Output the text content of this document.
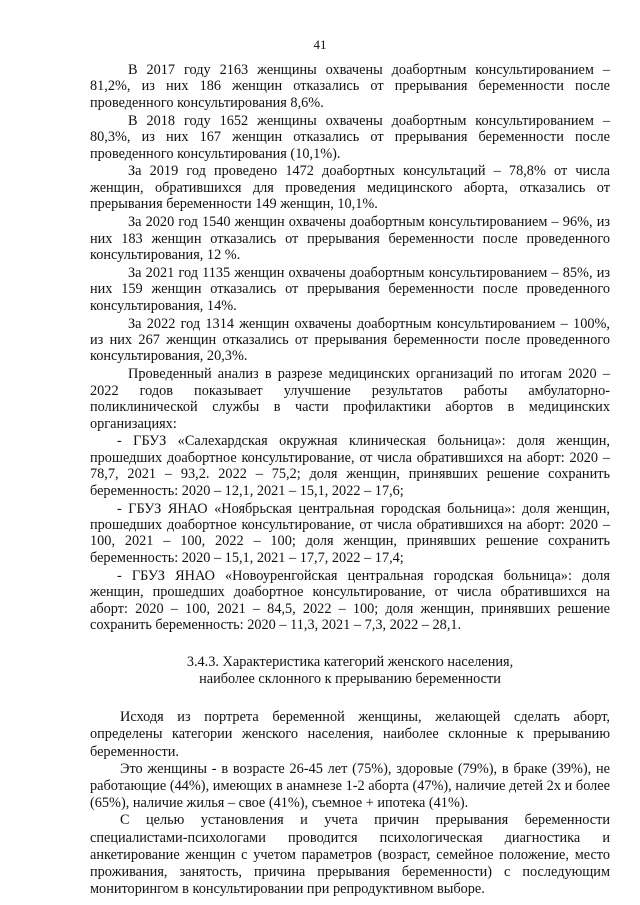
41

В 2017 году 2163 женщины охвачены доабортным консультированием – 81,2%, из них 186 женщин отказались от прерывания беременности после проведенного консультирования 8,6%.

В 2018 году 1652 женщины охвачены доабортным консультированием – 80,3%, из них 167 женщин отказались от прерывания беременности после проведенного консультирования (10,1%).

За 2019 год проведено 1472 доабортных консультаций – 78,8% от числа женщин, обратившихся для проведения медицинского аборта, отказались от прерывания беременности 149 женщин, 10,1%.

За 2020 год 1540 женщин охвачены доабортным консультированием – 96%, из них 183 женщин отказались от прерывания беременности после проведенного консультирования, 12 %.

За 2021 год 1135 женщин охвачены доабортным консультированием – 85%, из них 159 женщин отказались от прерывания беременности после проведенного консультирования, 14%.

За 2022 год 1314 женщин охвачены доабортным консультированием – 100%, из них 267 женщин отказались от прерывания беременности после проведенного консультирования, 20,3%.

Проведенный анализ в разрезе медицинских организаций по итогам 2020 – 2022 годов показывает улучшение результатов работы амбулаторно-поликлинической службы в части профилактики абортов в медицинских организациях:

- ГБУЗ «Салехардская окружная клиническая больница»: доля женщин, прошедших доабортное консультирование, от числа обратившихся на аборт: 2020 – 78,7, 2021 – 93,2. 2022 – 75,2; доля женщин, принявших решение сохранить беременность: 2020 – 12,1, 2021 – 15,1, 2022 – 17,6;

- ГБУЗ ЯНАО «Ноябрьская центральная городская больница»: доля женщин, прошедших доабортное консультирование, от числа обратившихся на аборт: 2020 – 100, 2021 – 100, 2022 – 100; доля женщин, принявших решение сохранить беременность: 2020 – 15,1, 2021 – 17,7, 2022 – 17,4;

- ГБУЗ ЯНАО «Новоуренгойская центральная городская больница»: доля женщин, прошедших доабортное консультирование, от числа обратившихся на аборт: 2020 – 100, 2021 – 84,5, 2022 – 100; доля женщин, принявших решение сохранить беременность: 2020 – 11,3, 2021 – 7,3, 2022 – 28,1.

3.4.3. Характеристика категорий женского населения,
наиболее склонного к прерыванию беременности

Исходя из портрета беременной женщины, желающей сделать аборт, определены категории женского населения, наиболее склонные к прерыванию беременности.

Это женщины - в возрасте 26-45 лет (75%), здоровые (79%), в браке (39%), не работающие (44%), имеющих в анамнезе 1-2 аборта (47%), наличие детей 2х и более (65%), наличие жилья – свое (41%), съемное + ипотека (41%).

С целью установления и учета причин прерывания беременности специалистами-психологами проводится психологическая диагностика и анкетирование женщин с учетом параметров (возраст, семейное положение, место проживания, занятость, причина прерывания беременности) с последующим мониторингом в консультировании при репродуктивном выборе.
